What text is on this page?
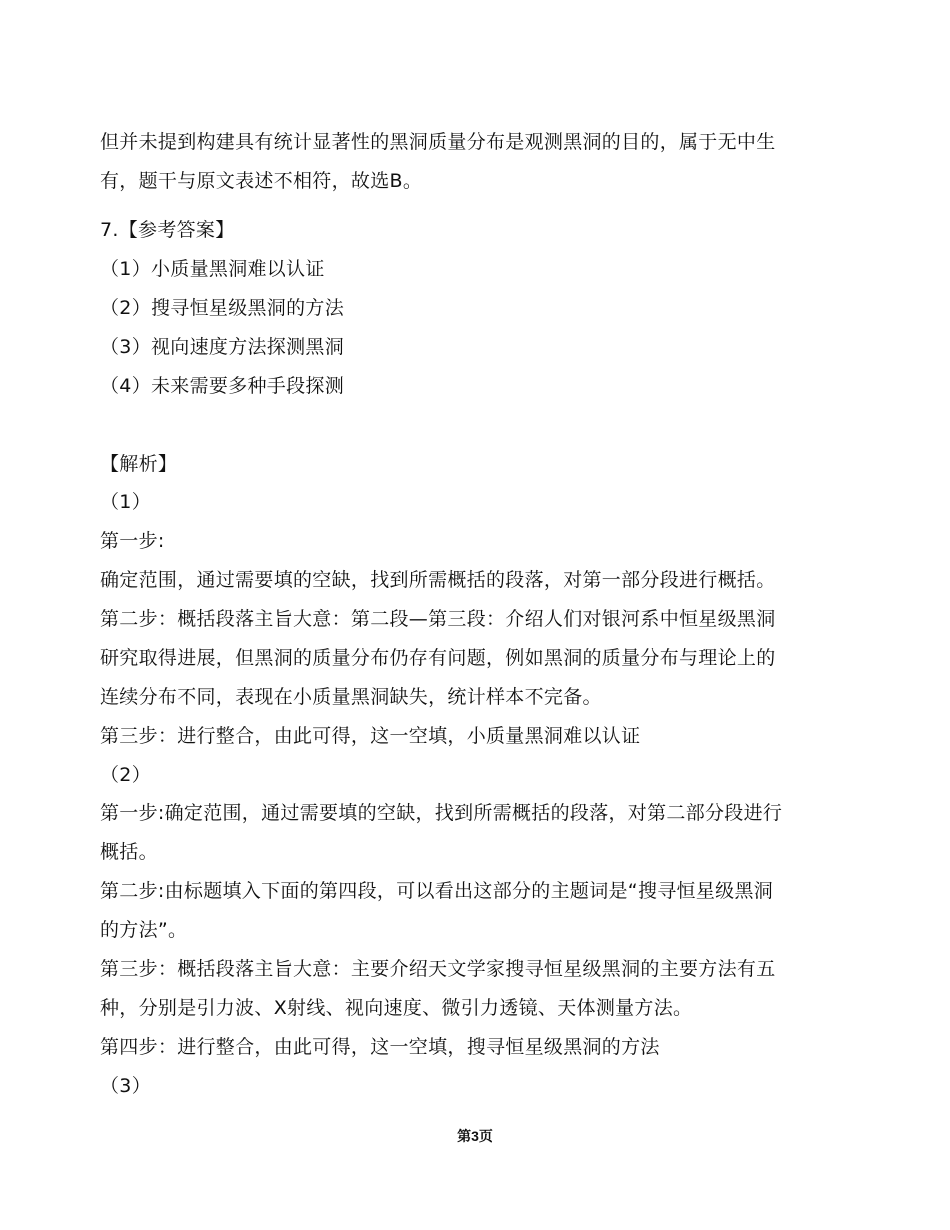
但并未提到构建具有统计显著性的黑洞质量分布是观测黑洞的目的，属于无中生
有，题干与原文表述不相符，故选B。
7.【参考答案】
（1）小质量黑洞难以认证
（2）搜寻恒星级黑洞的方法
（3）视向速度方法探测黑洞
（4）未来需要多种手段探测
【解析】
（1）
第一步:
确定范围，通过需要填的空缺，找到所需概括的段落，对第一部分段进行概括。
第二步：概括段落主旨大意：第二段—第三段：介绍人们对银河系中恒星级黑洞
研究取得进展，但黑洞的质量分布仍存有问题，例如黑洞的质量分布与理论上的
连续分布不同，表现在小质量黑洞缺失，统计样本不完备。
第三步：进行整合，由此可得，这一空填，小质量黑洞难以认证
（2）
第一步:确定范围，通过需要填的空缺，找到所需概括的段落，对第二部分段进行
概括。
第二步:由标题填入下面的第四段，可以看出这部分的主题词是“搜寻恒星级黑洞
的方法”。
第三步：概括段落主旨大意：主要介绍天文学家搜寻恒星级黑洞的主要方法有五
种，分别是引力波、X射线、视向速度、微引力透镜、天体测量方法。
第四步：进行整合，由此可得，这一空填，搜寻恒星级黑洞的方法
（3）
第3页
